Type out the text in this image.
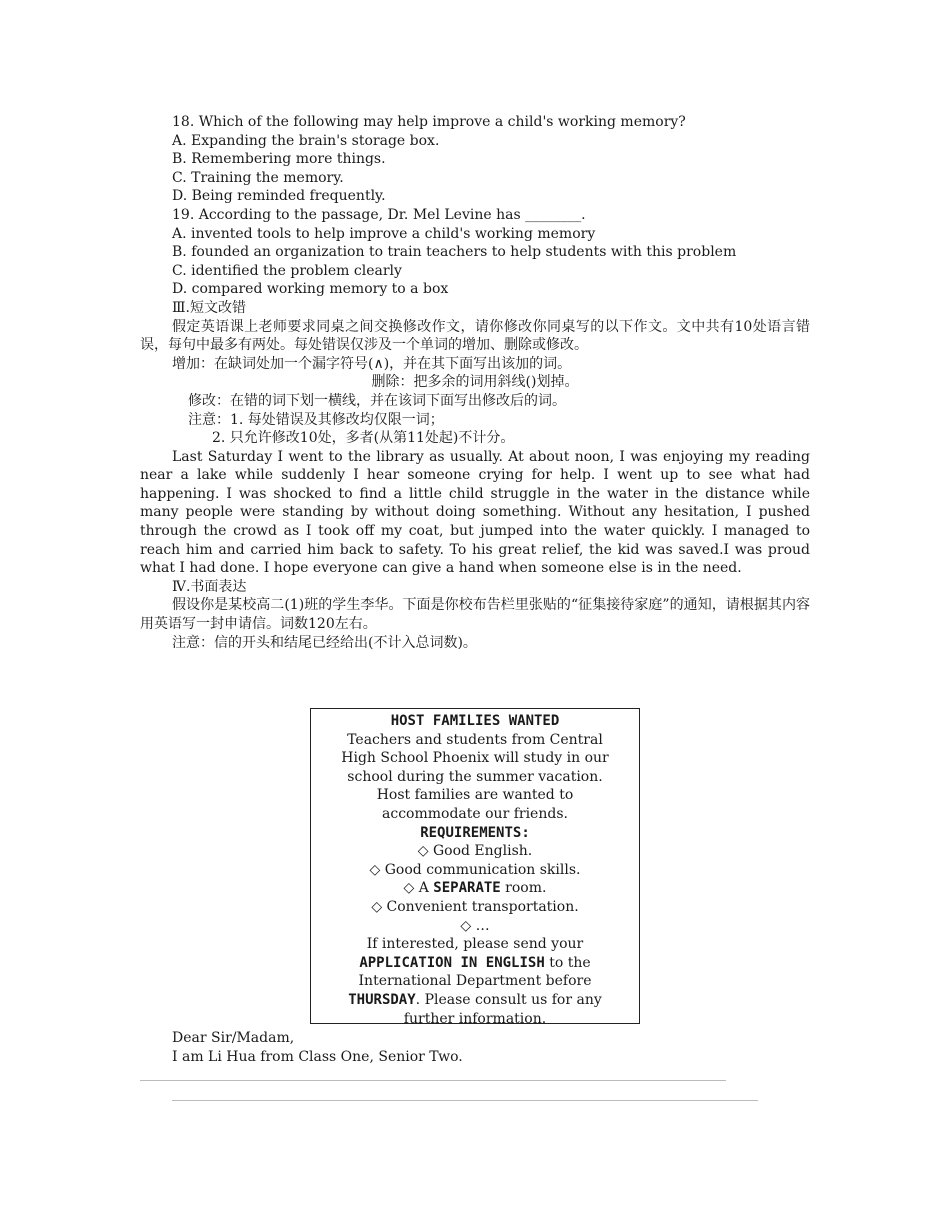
18. Which of the following may help improve a child's working memory?

A. Expanding the brain's storage box.

B. Remembering more things.

C. Training the memory.

D. Being reminded frequently.

19. According to the passage, Dr. Mel Levine has ________.

A. invented tools to help improve a child's working memory

B. founded an organization to train teachers to help students with this problem

C. identified the problem clearly

D. compared working memory to a box

Ⅲ.短文改错

假定英语课上老师要求同桌之间交换修改作文，请你修改你同桌写的以下作文。文中共有10处语言错误，每句中最多有两处。每处错误仅涉及一个单词的增加、删除或修改。

增加：在缺词处加一个漏字符号(∧)，并在其下面写出该加的词。

删除：把多余的词用斜线()划掉。

修改：在错的词下划一横线，并在该词下面写出修改后的词。

注意：1. 每处错误及其修改均仅限一词；

2. 只允许修改10处，多者(从第11处起)不计分。

Last Saturday I went to the library as usually. At about noon, I was enjoying my reading near a lake while suddenly I hear someone crying for help. I went up to see what had happening. I was shocked to find a little child struggle in the water in the distance while many people were standing by without doing something. Without any hesitation, I pushed through the crowd as I took off my coat, but jumped into the water quickly. I managed to reach him and carried him back to safety. To his great relief, the kid was saved.I was proud what I had done. I hope everyone can give a hand when someone else is in the need.

Ⅳ.书面表达

假设你是某校高二(1)班的学生李华。下面是你校布告栏里张贴的“征集接待家庭”的通知，请根据其内容用英语写一封申请信。词数120左右。

注意：信的开头和结尾已经给出(不计入总词数)。

HOST FAMILIES WANTED

Teachers and students from Central

High School Phoenix will study in our

school during the summer vacation.

Host families are wanted to

accommodate our friends.

REQUIREMENTS:

◇ Good English.

◇ Good communication skills.

◇ A SEPARATE room.

◇ Convenient transportation.

◇ …

If interested, please send your

APPLICATION IN ENGLISH to the

International Department before

THURSDAY. Please consult us for any

further information.

Dear Sir/Madam,

I am Li Hua from Class One, Senior Two.
